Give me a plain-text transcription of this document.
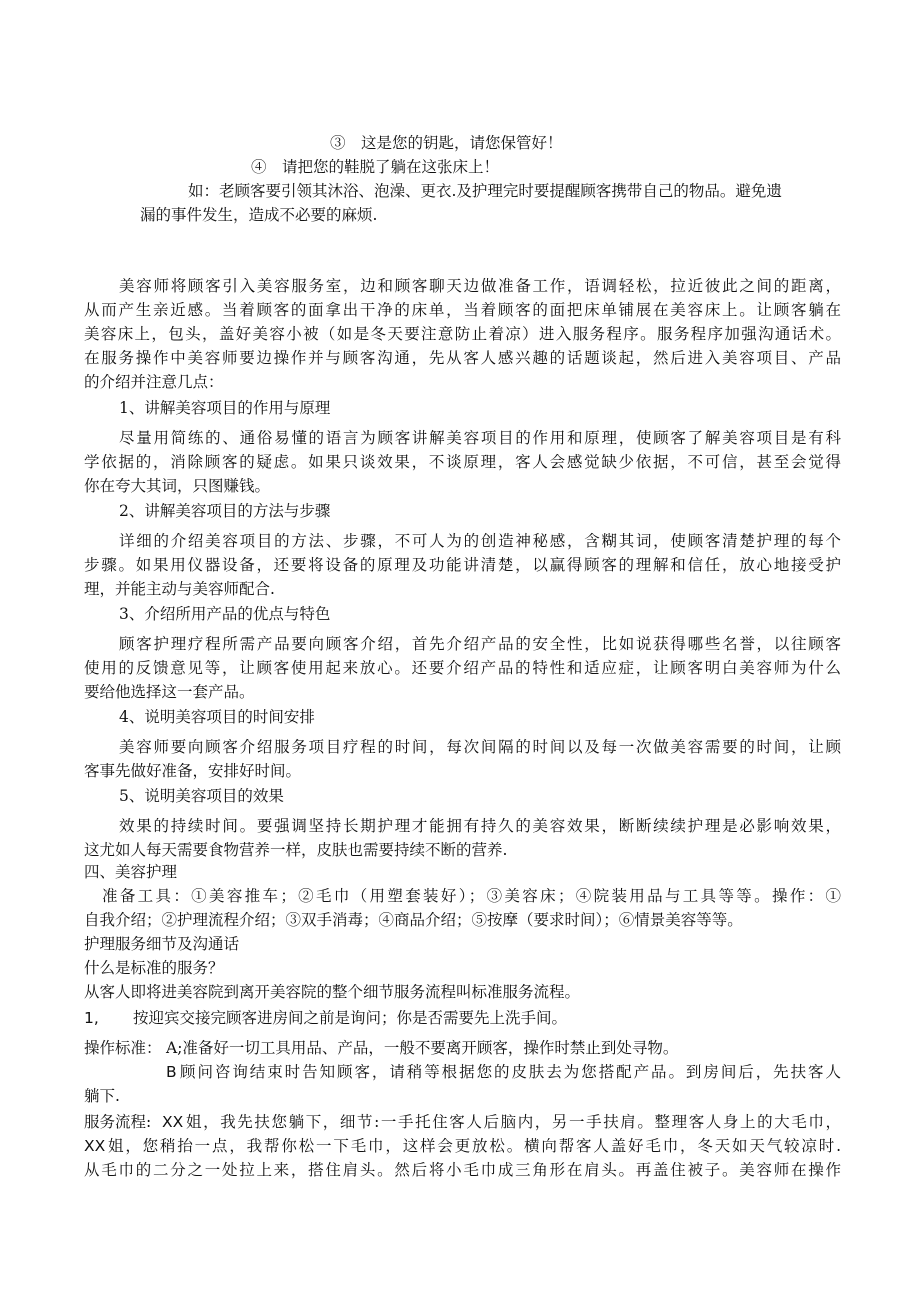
③　这是您的钥匙，请您保管好！
④　请把您的鞋脱了躺在这张床上！
如：老顾客要引领其沐浴、泡澡、更衣.及护理完时要提醒顾客携带自己的物品。避免遗
漏的事件发生，造成不必要的麻烦.
美容师将顾客引入美容服务室，边和顾客聊天边做准备工作，语调轻松，拉近彼此之间的距离，
从而产生亲近感。当着顾客的面拿出干净的床单，当着顾客的面把床单铺展在美容床上。让顾客躺在
美容床上，包头，盖好美容小被（如是冬天要注意防止着凉）进入服务程序。服务程序加强沟通话术。
在服务操作中美容师要边操作并与顾客沟通，先从客人感兴趣的话题谈起，然后进入美容项目、产品
的介绍并注意几点：
1、讲解美容项目的作用与原理
尽量用简练的、通俗易懂的语言为顾客讲解美容项目的作用和原理，使顾客了解美容项目是有科
学依据的，消除顾客的疑虑。如果只谈效果，不谈原理，客人会感觉缺少依据，不可信，甚至会觉得
你在夸大其词，只图赚钱。
2、讲解美容项目的方法与步骤
详细的介绍美容项目的方法、步骤，不可人为的创造神秘感，含糊其词，使顾客清楚护理的每个
步骤。如果用仪器设备，还要将设备的原理及功能讲清楚，以赢得顾客的理解和信任，放心地接受护
理，并能主动与美容师配合.
3、介绍所用产品的优点与特色
顾客护理疗程所需产品要向顾客介绍，首先介绍产品的安全性，比如说获得哪些名誉，以往顾客
使用的反馈意见等，让顾客使用起来放心。还要介绍产品的特性和适应症，让顾客明白美容师为什么
要给他选择这一套产品。
4、说明美容项目的时间安排
美容师要向顾客介绍服务项目疗程的时间，每次间隔的时间以及每一次做美容需要的时间，让顾
客事先做好准备，安排好时间。
5、说明美容项目的效果
效果的持续时间。要强调坚持长期护理才能拥有持久的美容效果，断断续续护理是必影响效果，
这尤如人每天需要食物营养一样，皮肤也需要持续不断的营养.
四、美容护理
准备工具：①美容推车；②毛巾（用塑套装好）；③美容床；④院装用品与工具等等。操作：①
自我介绍；②护理流程介绍；③双手消毒；④商品介绍；⑤按摩（要求时间）；⑥情景美容等等。
护理服务细节及沟通话
什么是标准的服务？
从客人即将进美容院到离开美容院的整个细节服务流程叫标准服务流程。
1, 按迎宾交接完顾客进房间之前是询问；你是否需要先上洗手间。
操作标准： A;准备好一切工具用品、产品，一般不要离开顾客，操作时禁止到处寻物。
B 顾问咨询结束时告知顾客，请稍等根据您的皮肤去为您搭配产品。到房间后，先扶客人
躺下.
服务流程: XX 姐，我先扶您躺下，细节:一手托住客人后脑内，另一手扶肩。整理客人身上的大毛巾，
XX 姐，您稍抬一点，我帮你松一下毛巾，这样会更放松。横向帮客人盖好毛巾，冬天如天气较凉时.
从毛巾的二分之一处拉上来，搭住肩头。然后将小毛巾成三角形在肩头。再盖住被子。美容师在操作
